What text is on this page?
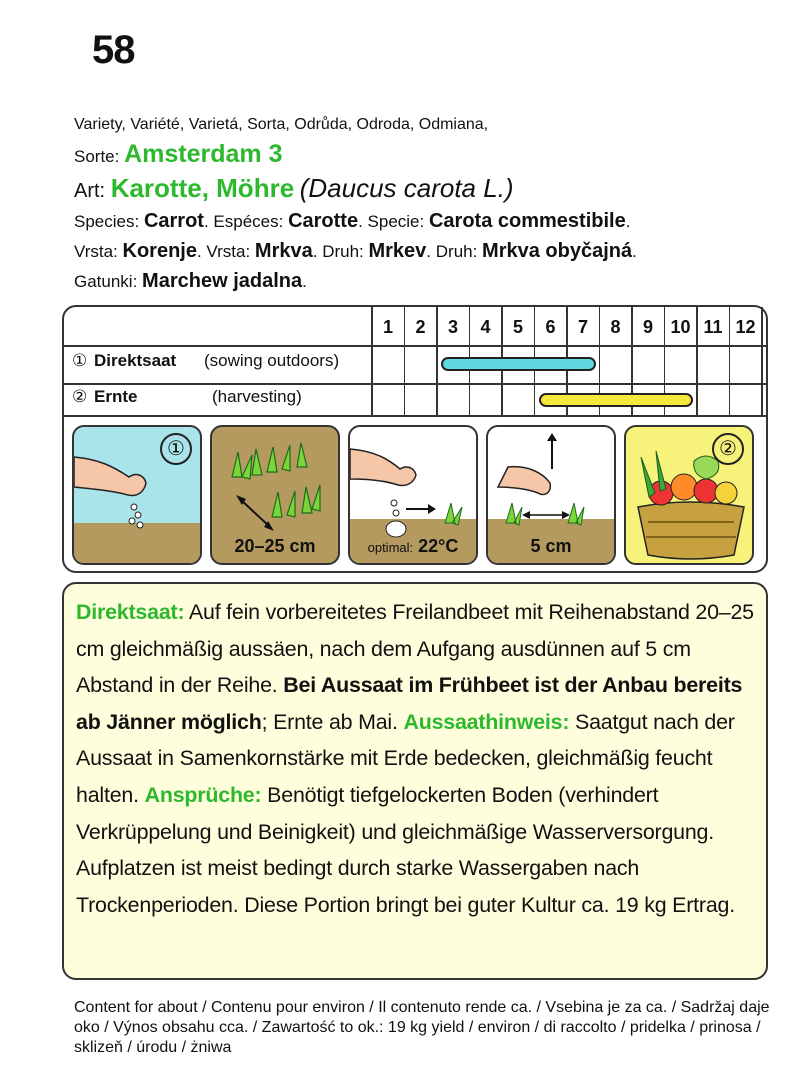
58
Variety, Variété, Varietá, Sorta, Odrůda, Odroda, Odmiana,
Sorte: Amsterdam 3
Art: Karotte, Möhre (Daucus carota L.)
Species: Carrot. Espéces: Carotte. Specie: Carota commestibile.
Vrsta: Korenje. Vrsta: Mrkva. Druh: Mrkev. Druh: Mrkva obyčajná.
Gatunki: Marchew jadalna.
1	2	3	4	5	6	7	8	9 10 11 12
① Direktsaat (sowing outdoors)
② Ernte	(harvesting)
①
20–25 cm	optimal: 22°C	5 cm
②

Direktsaat: Auf fein vorbereitetes Freilandbeet mit Reihenabstand 20–25 cm gleichmäßig aussäen, nach dem Aufgang ausdünnen auf 5 cm Abstand in der Reihe. Bei Aussaat im Frühbeet ist der Anbau bereits ab Jänner möglich; Ernte ab Mai. Aussaathinweis: Saatgut nach der Aussaat in Samenkornstärke mit Erde bedecken, gleichmäßig feucht halten. Ansprüche: Benötigt tiefgelockerten Boden (verhindert Verkrüppelung und Beinigkeit) und gleichmäßige Wasserversorgung. Aufplatzen ist meist bedingt durch starke Wassergaben nach Trockenperioden. Diese Portion bringt bei guter Kultur ca. 19 kg Ertrag.

Content for about / Contenu pour environ / Il contenuto rende ca. / Vsebina je za ca. / Sadržaj daje oko / Výnos obsahu cca. / Zawartość to ok.: 19 kg yield / environ / di raccolto / pridelka / prinosa / sklizeň / úrodu / żniwa
